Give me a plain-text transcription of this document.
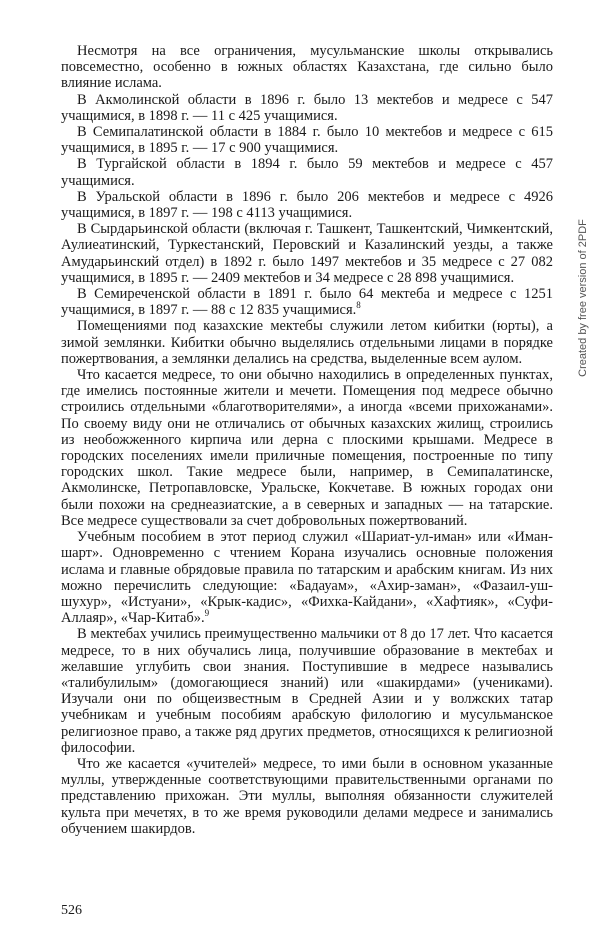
Несмотря на все ограничения, мусульманские школы открывались повсеместно, особенно в южных областях Казахстана, где сильно было влияние ислама.

В Акмолинской области в 1896 г. было 13 мектебов и медресе с 547 учащимися, в 1898 г. — 11 с 425 учащимися.

В Семипалатинской области в 1884 г. было 10 мектебов и медресе с 615 учащимися, в 1895 г. — 17 с 900 учащимися.

В Тургайской области в 1894 г. было 59 мектебов и медресе с 457 учащимися.

В Уральской области в 1896 г. было 206 мектебов и медресе с 4926 учащимися, в 1897 г. — 198 с 4113 учащимися.

В Сырдарьинской области (включая г. Ташкент, Ташкентский, Чимкентский, Аулиеатинский, Туркестанский, Перовский и Казалинский уезды, а также Амударьинский отдел) в 1892 г. было 1497 мектебов и 35 медресе с 27 082 учащимися, в 1895 г. — 2409 мектебов и 34 медресе с 28 898 учащимися.

В Семиреченской области в 1891 г. было 64 мектеба и медресе с 1251 учащимися, в 1897 г. — 88 с 12 835 учащимися.$^8$

Помещениями под казахские мектебы служили летом кибитки (юрты), а зимой землянки. Кибитки обычно выделялись отдельными лицами в порядке пожертвования, а землянки делались на средства, выделенные всем аулом.

Что касается медресе, то они обычно находились в определенных пунктах, где имелись постоянные жители и мечети. Помещения под медресе обычно строились отдельными «благотворителями», а иногда «всеми прихожанами». По своему виду они не отличались от обычных казахских жилищ, строились из необожженного кирпича или дерна с плоскими крышами. Медресе в городских поселениях имели приличные помещения, построенные по типу городских школ. Такие медресе были, например, в Семипалатинске, Акмолинске, Петропавловске, Уральске, Кокчетаве. В южных городах они были похожи на среднеазиатские, а в северных и западных — на татарские. Все медресе существовали за счет добровольных пожертвований.

Учебным пособием в этот период служил «Шариат-ул-иман» или «Иман-шарт». Одновременно с чтением Корана изучались основные положения ислама и главные обрядовые правила по татарским и арабским книгам. Из них можно перечислить следующие: «Бадауам», «Ахир-заман», «Фазаил-уш-шухур», «Истуани», «Крык-кадис», «Фихка-Кайдани», «Хафтияк», «Суфи-Аллаяр», «Чар-Китаб».$^9$

В мектебах учились преимущественно мальчики от 8 до 17 лет. Что касается медресе, то в них обучались лица, получившие образование в мектебах и желавшие углубить свои знания. Поступившие в медресе назывались «талибулилым» (домогающиеся знаний) или «шакирдами» (учениками). Изучали они по общеизвестным в Средней Азии и у волжских татар учебникам и учебным пособиям арабскую филологию и мусульманское религиозное право, а также ряд других предметов, относящихся к религиозной философии.

Что же касается «учителей» медресе, то ими были в основном указанные муллы, утвержденные соответствующими правительственными органами по представлению прихожан. Эти муллы, выполняя обязанности служителей культа при мечетях, в то же время руководили делами медресе и занимались обучением шакирдов.

Created by free version of 2PDF
526
